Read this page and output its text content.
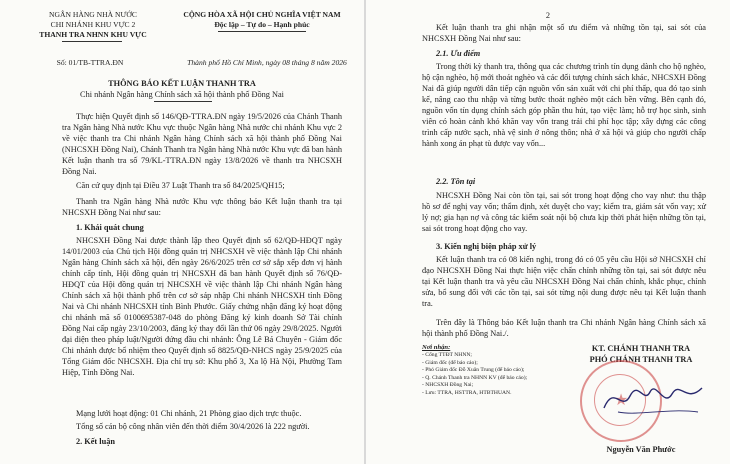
NGÂN HÀNG NHÀ NƯỚC
CHI NHÁNH KHU VỰC 2
THANH TRA NHNN KHU VỰC
Số: 01/TB-TTRA.ĐN
CỘNG HÒA XÃ HỘI CHỦ NGHĨA VIỆT NAM
Độc lập – Tự do – Hạnh phúc
Thành phố Hồ Chí Minh, ngày 08 tháng 8 năm 2026
THÔNG BÁO KẾT LUẬN THANH TRA
Chi nhánh Ngân hàng Chính sách xã hội thành phố Đồng Nai
Thực hiện Quyết định số 146/QĐ-TTRA.ĐN ngày 19/5/2026 của Chánh Thanh tra Ngân hàng Nhà nước Khu vực thuộc Ngân hàng Nhà nước chi nhánh Khu vực 2 về việc thanh tra Chi nhánh Ngân hàng Chính sách xã hội thành phố Đồng Nai (NHCSXH Đồng Nai), Chánh Thanh tra Ngân hàng Nhà nước Khu vực đã ban hành Kết luận thanh tra số 79/KL-TTRA.ĐN ngày 13/8/2026 về thanh tra NHCSXH Đồng Nai.
Căn cứ quy định tại Điều 37 Luật Thanh tra số 84/2025/QH15;
Thanh tra Ngân hàng Nhà nước Khu vực thông báo Kết luận thanh tra tại NHCSXH Đồng Nai như sau:
1. Khái quát chung
NHCSXH Đồng Nai được thành lập theo Quyết định số 62/QĐ-HĐQT ngày 14/01/2003 của Chủ tịch Hội đồng quản trị NHCSXH về việc thành lập Chi nhánh Ngân hàng Chính sách xã hội, đến ngày 26/6/2025 trên cơ sở sắp xếp đơn vị hành chính cấp tỉnh, Hội đồng quản trị NHCSXH đã ban hành Quyết định số 76/QĐ-HĐQT của Hội đồng quản trị NHCSXH về việc thành lập Chi nhánh Ngân hàng Chính sách xã hội thành phố trên cơ sở sáp nhập Chi nhánh NHCSXH tỉnh Đồng Nai và Chi nhánh NHCSXH tỉnh Bình Phước. Giấy chứng nhận đăng ký hoạt động chi nhánh mã số 0100695387-048 do phòng Đăng ký kinh doanh Sở Tài chính Đồng Nai cấp ngày 23/10/2003, đăng ký thay đổi lần thứ 06 ngày 29/8/2025. Người đại diện theo pháp luật/Người đứng đầu chi nhánh: Ông Lê Bá Chuyên - Giám đốc Chi nhánh được bổ nhiệm theo Quyết định số 8825/QĐ-NHCS ngày 25/9/2025 của Tổng Giám đốc NHCSXH. Địa chỉ trụ sở: Khu phố 3, Xa lộ Hà Nội, Phường Tam Hiệp, Tỉnh Đồng Nai.
Mạng lưới hoạt động: 01 Chi nhánh, 21 Phòng giao dịch trực thuộc.
Tổng số cán bộ công nhân viên đến thời điểm 30/4/2026 là 222 người.
2. Kết luận
2
Kết luận thanh tra ghi nhận một số ưu điểm và những tồn tại, sai sót của NHCSXH Đồng Nai như sau:
2.1. Ưu điểm
Trong thời kỳ thanh tra, thông qua các chương trình tín dụng dành cho hộ nghèo, hộ cận nghèo, hộ mới thoát nghèo và các đối tượng chính sách khác, NHCSXH Đồng Nai đã giúp người dân tiếp cận nguồn vốn sản xuất với chi phí thấp, qua đó tạo sinh kế, nâng cao thu nhập và từng bước thoát nghèo một cách bền vững. Bên cạnh đó, nguồn vốn tín dụng chính sách góp phần thu hút, tạo việc làm; hỗ trợ học sinh, sinh viên có hoàn cảnh khó khăn vay vốn trang trải chi phí học tập; xây dựng các công trình cấp nước sạch, nhà vệ sinh ở nông thôn; nhà ở xã hội và giúp cho người chấp hành xong án phạt tù được vay vốn...
2.2. Tồn tại
NHCSXH Đồng Nai còn tồn tại, sai sót trong hoạt động cho vay như: thu thập hồ sơ để nghị vay vốn; thẩm định, xét duyệt cho vay; kiểm tra, giám sát vốn vay; xử lý nợ; gia hạn nợ và công tác kiểm soát nội bộ chưa kịp thời phát hiện những tồn tại, sai sót trong hoạt động cho vay.
3. Kiến nghị biện pháp xử lý
Kết luận thanh tra có 08 kiến nghị, trong đó có 05 yêu cầu Hội sở NHCSXH chỉ đạo NHCSXH Đồng Nai thực hiện việc chấn chỉnh những tồn tại, sai sót được nêu tại Kết luận thanh tra và yêu cầu NHCSXH Đồng Nai chấn chỉnh, khắc phục, chỉnh sửa, bổ sung đối với các tồn tại, sai sót từng nội dung được nêu tại Kết luận thanh tra.
Trên đây là Thông báo Kết luận thanh tra Chi nhánh Ngân hàng Chính sách xã hội thành phố Đồng Nai./.
Nơi nhận:
- Cổng TTĐT NHNN;
- Giám đốc (để báo cáo);
- Phó Giám đốc Đỗ Xuân Trung (để báo cáo);
- Q. Chánh Thanh tra NHNN KV (để báo cáo);
- NHCSXH Đồng Nai;
- Lưu: TTRA, HSTTRA, HTBTHUAN.
KT. CHÁNH THANH TRA
PHÓ CHÁNH THANH TRA
★
Nguyễn Văn Phước
